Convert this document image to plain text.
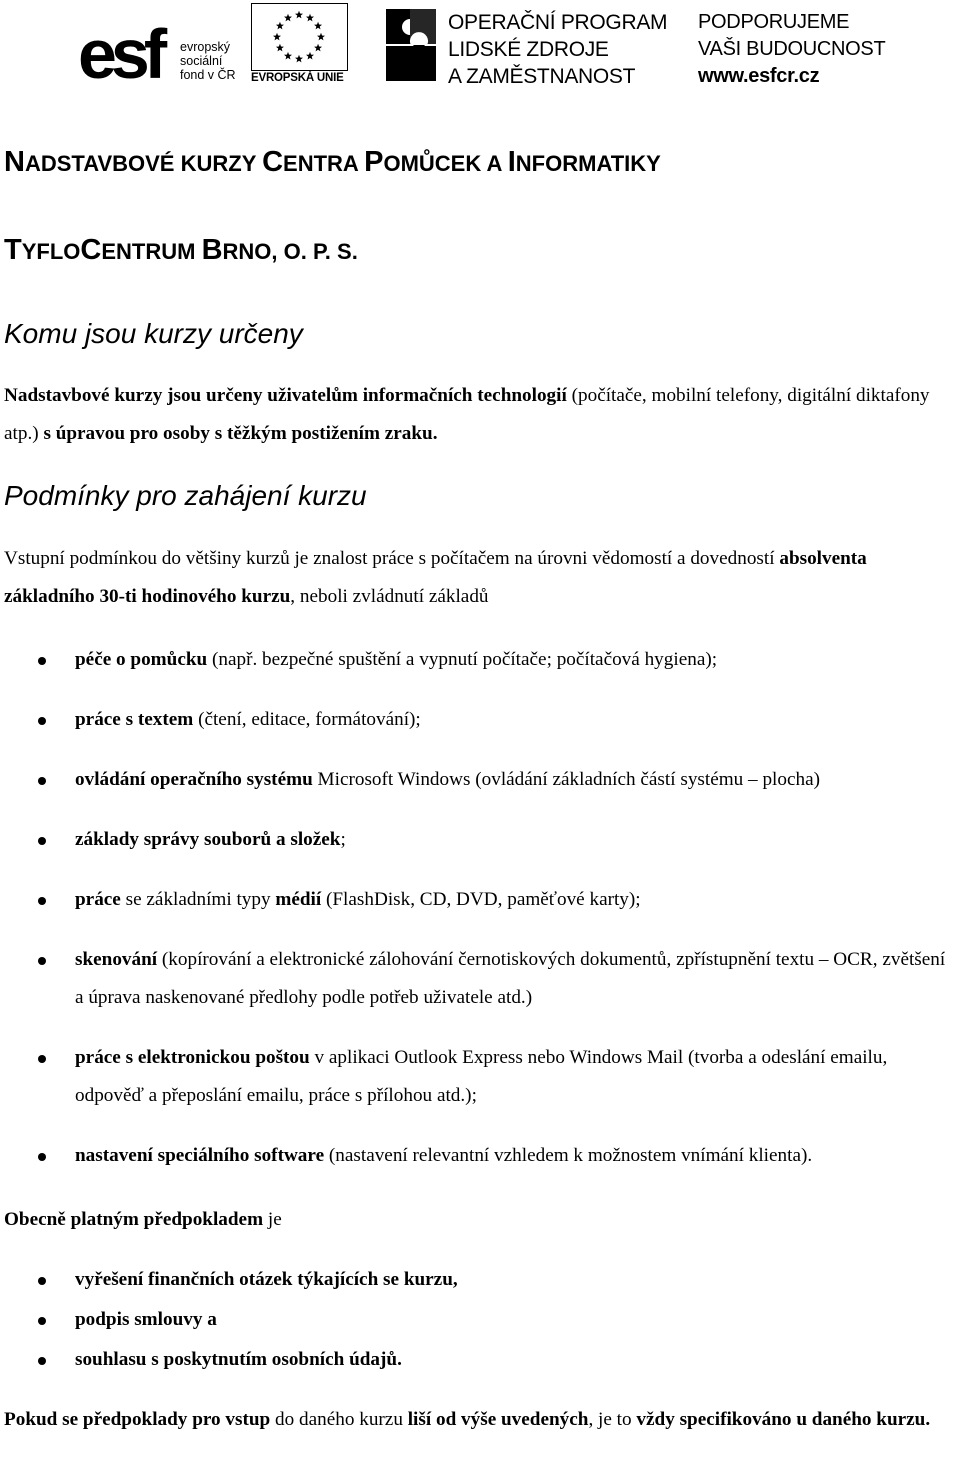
esf	evropský
sociální
fond v ČR EVROPSKÁ UNIE
OPERAČNÍ PROGRAM
LIDSKÉ ZDROJE
A ZAMĚSTNANOST
PODPORUJEME
VAŠI BUDOUCNOST
www.esfcr.cz
NADSTAVBOVÉ KURZY CENTRA POMŮCEK A INFORMATIKY
TYFLOCENTRUM BRNO, O. P. S.
Komu jsou kurzy určeny
Nadstavbové kurzy jsou určeny uživatelům informačních technologií (počítače, mobilní telefony, digitální diktafony atp.) s úpravou pro osoby s těžkým postižením zraku.
Podmínky pro zahájení kurzu
Vstupní podmínkou do většiny kurzů je znalost práce s počítačem na úrovni vědomostí a dovedností absolventa základního 30-ti hodinového kurzu, neboli zvládnutí základů
péče o pomůcku (např. bezpečné spuštění a vypnutí počítače; počítačová hygiena);
práce s textem (čtení, editace, formátování);
ovládání operačního systému Microsoft Windows (ovládání základních částí systému – plocha)
základy správy souborů a složek;
práce se základními typy médií (FlashDisk, CD, DVD, paměťové karty);
skenování (kopírování a elektronické zálohování černotiskových dokumentů, zpřístupnění textu – OCR, zvětšení a úprava naskenované předlohy podle potřeb uživatele atd.)
práce s elektronickou poštou v aplikaci Outlook Express nebo Windows Mail (tvorba a odeslání emailu, odpověď a přeposlání emailu, práce s přílohou atd.);
nastavení speciálního software (nastavení relevantní vzhledem k možnostem vnímání klienta).
Obecně platným předpokladem je
vyřešení finančních otázek týkajících se kurzu,
podpis smlouvy a
souhlasu s poskytnutím osobních údajů.
Pokud se předpoklady pro vstup do daného kurzu liší od výše uvedených, je to vždy specifikováno u daného kurzu.
